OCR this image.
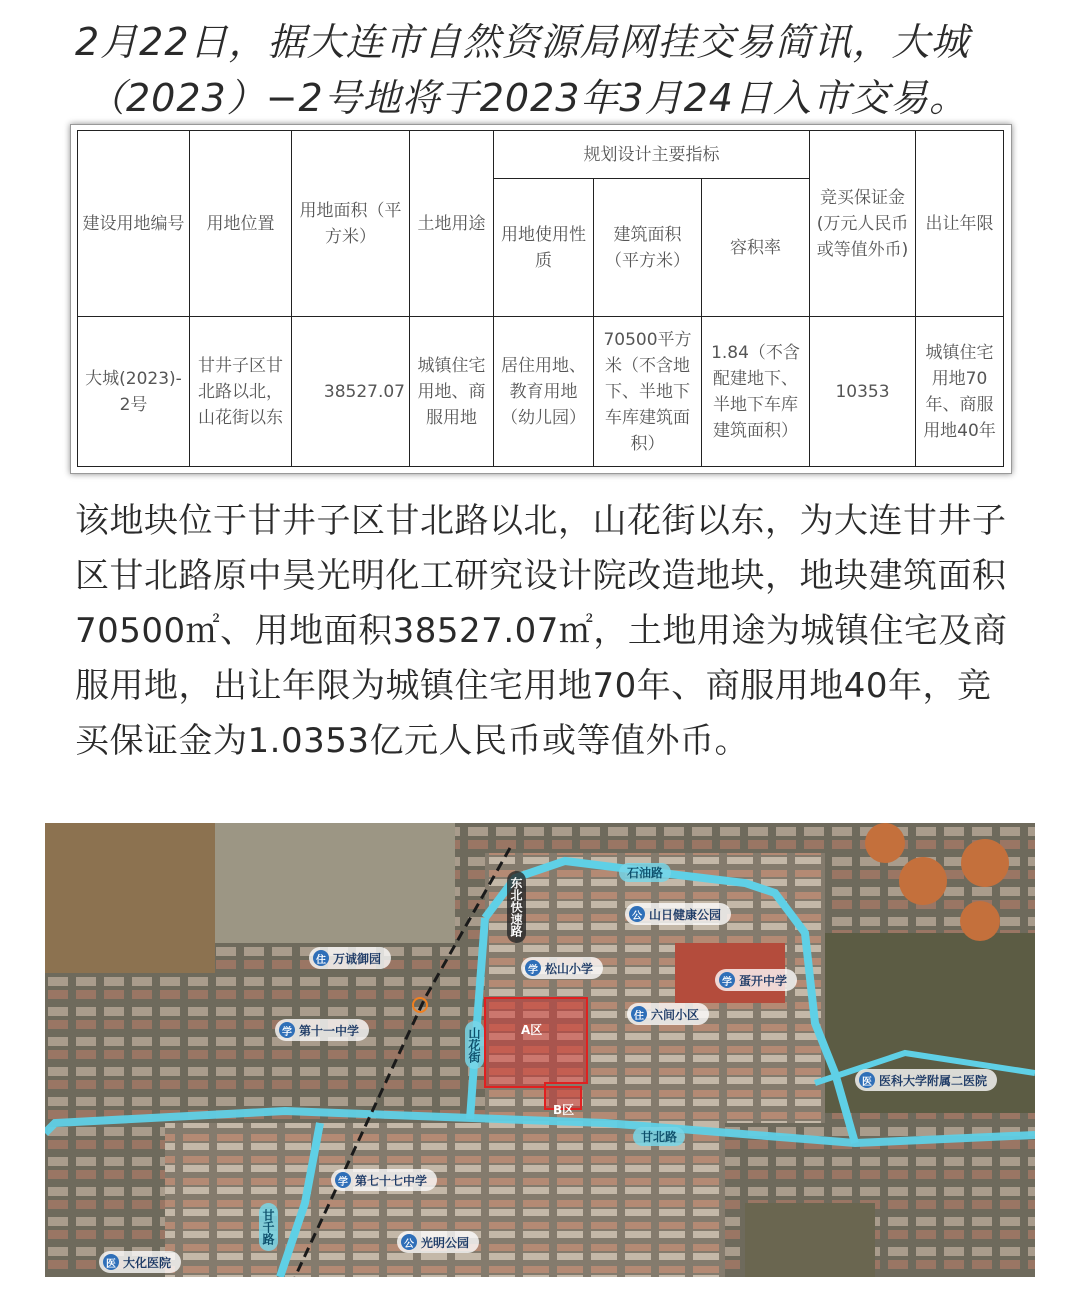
2月22日，据大连市自然资源局网挂交易简讯，大城
（2023）−2号地将于2023年3月24日入市交易。
建设用地编号	用地位置	用地面积（平方米）	土地用途	规划设计主要指标			竞买保证金(万元人民币或等值外币)	出让年限
				用地使用性质	建筑面积（平方米）	容积率		
大城(2023)-2号	甘井子区甘北路以北，山花街以东	38527.07	城镇住宅用地、商服用地	居住用地、教育用地（幼儿园）	70500平方米（不含地下、半地下车库建筑面积）	1.84（不含配建地下、半地下车库建筑面积）	10353	城镇住宅用地70年、商服用地40年
该地块位于甘井子区甘北路以北，山花街以东，为大连甘井子区甘北路原中昊光明化工研究设计院改造地块，地块建筑面积70500㎡、用地面积38527.07㎡，土地用途为城镇住宅及商服用地，出让年限为城镇住宅用地70年、商服用地40年，竞买保证金为1.0353亿元人民币或等值外币。
石油路
甘北路
山花街
甘千路
东北快速路
A区
B区
公 山日健康公园
住 万诚御园
学 松山小学
学 蛋开中学
住 六间小区
学 第十一中学
医 医科大学附属二医院
学 第七十七中学
公 光明公园
医 大化医院
